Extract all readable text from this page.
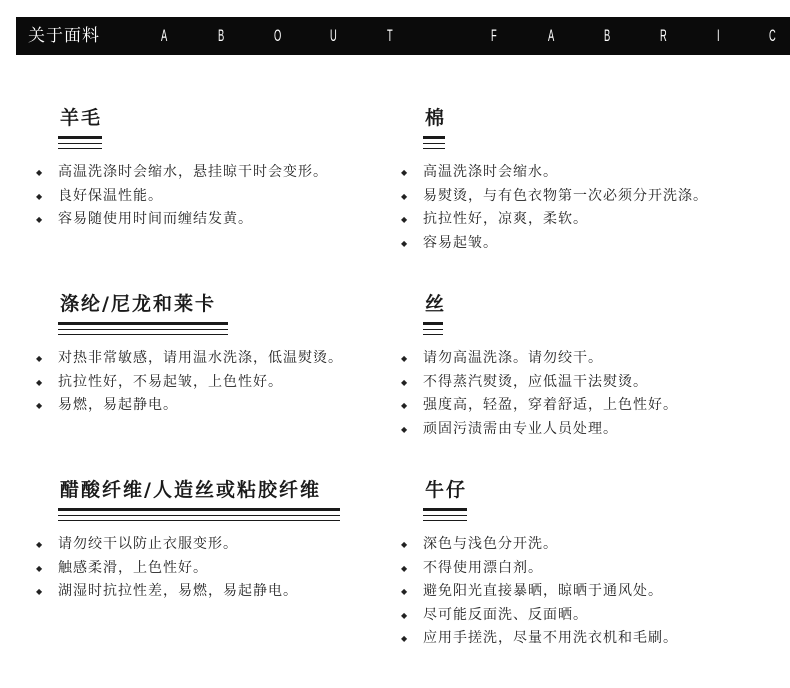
关于面料	A	B	O	U	T	F	A	B	R	I	C
羊毛
◆ 高温洗涤时会缩水，悬挂晾干时会变形。
◆ 良好保温性能。
◆ 容易随使用时间而缠结发黄。
棉
◆ 高温洗涤时会缩水。
◆ 易熨烫，与有色衣物第一次必须分开洗涤。
◆ 抗拉性好，凉爽，柔软。
◆ 容易起皱。
涤纶/尼龙和莱卡
◆ 对热非常敏感，请用温水洗涤，低温熨烫。
◆ 抗拉性好，不易起皱，上色性好。
◆ 易燃，易起静电。
丝
◆ 请勿高温洗涤。请勿绞干。
◆ 不得蒸汽熨烫，应低温干法熨烫。
◆ 强度高，轻盈，穿着舒适，上色性好。
◆ 顽固污渍需由专业人员处理。
醋酸纤维/人造丝或粘胶纤维
◆ 请勿绞干以防止衣服变形。
◆ 触感柔滑，上色性好。
◆ 湖湿时抗拉性差，易燃，易起静电。
牛仔
◆ 深色与浅色分开洗。
◆ 不得使用漂白剂。
◆ 避免阳光直接暴晒，晾晒于通风处。
◆ 尽可能反面洗、反面晒。
◆ 应用手搓洗，尽量不用洗衣机和毛刷。
